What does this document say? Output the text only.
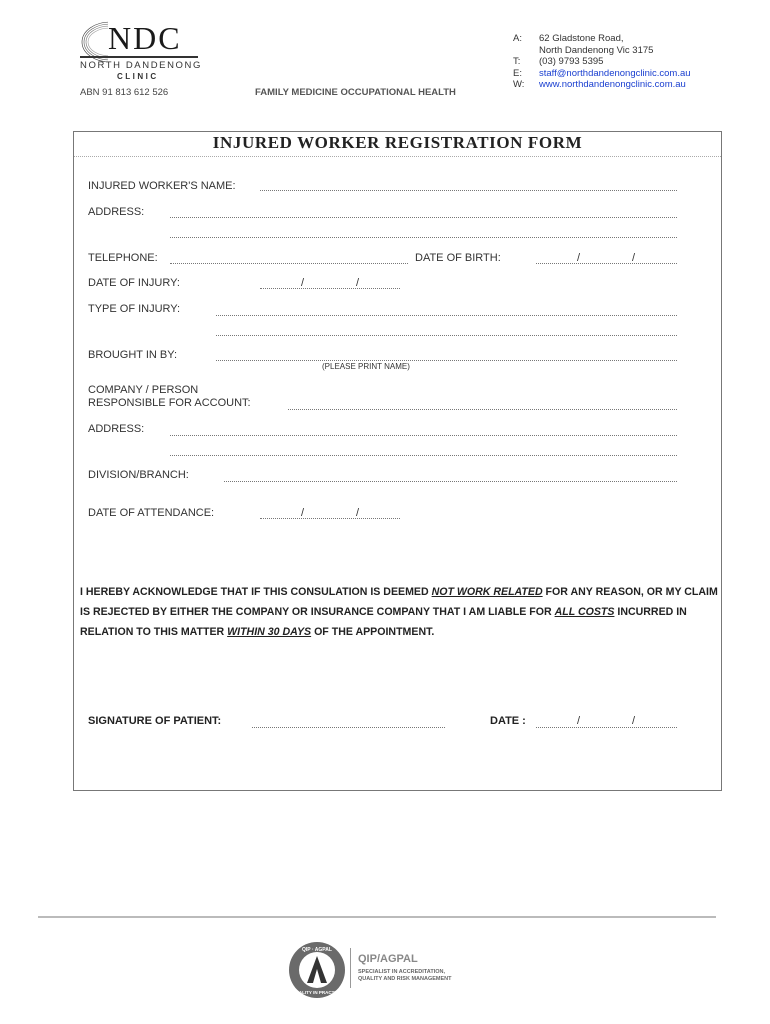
NDC
NORTH DANDENONG
CLINIC
ABN 91 813 612 526	FAMILY MEDICINE OCCUPATIONAL HEALTH
A:	62 Gladstone Road,
North Dandenong Vic 3175
T:	(03) 9793 5395
E:	staff@northdandenongclinic.com.au
W:	www.northdandenongclinic.com.au
INJURED WORKER REGISTRATION FORM
INJURED WORKER'S NAME:
ADDRESS:
TELEPHONE:	DATE OF BIRTH:	/	/
DATE OF INJURY:	/	/
TYPE OF INJURY:
BROUGHT IN BY:
(PLEASE PRINT NAME)
COMPANY / PERSON
RESPONSIBLE FOR ACCOUNT:
ADDRESS:
DIVISION/BRANCH:
DATE OF ATTENDANCE:	/	/
I HEREBY ACKNOWLEDGE THAT IF THIS CONSULATION IS DEEMED NOT WORK RELATED FOR ANY REASON, OR MY CLAIM IS REJECTED BY EITHER THE COMPANY OR INSURANCE COMPANY THAT I AM LIABLE FOR ALL COSTS INCURRED IN RELATION TO THIS MATTER WITHIN 30 DAYS OF THE APPOINTMENT.
SIGNATURE OF PATIENT:	DATE :	/	/
QIP · AGPAL
QUALITY IN PRACTICE
QIP/AGPAL
SPECIALIST IN ACCREDITATION,
QUALITY AND RISK MANAGEMENT
